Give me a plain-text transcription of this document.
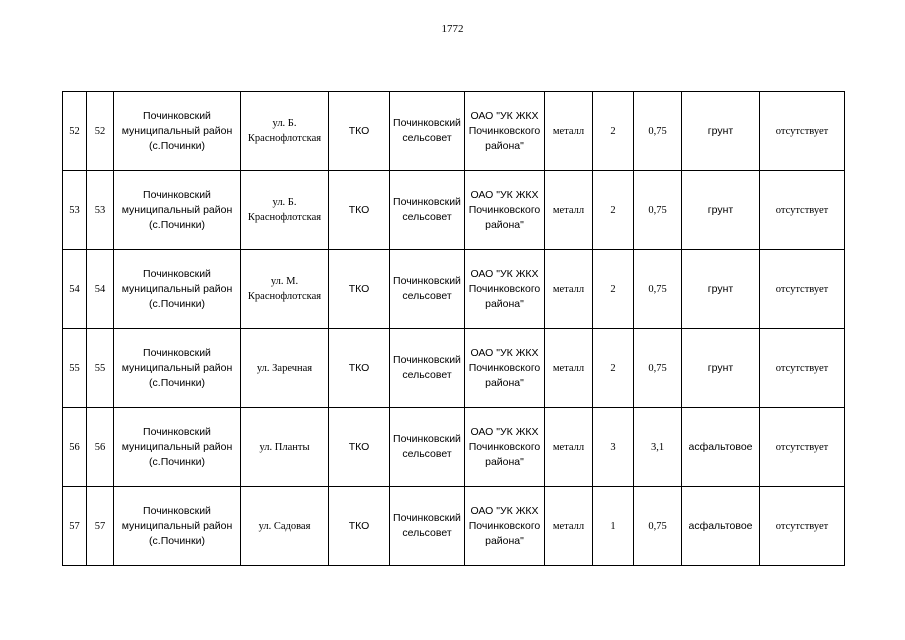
1772
52	52	Починковский муниципальный район (с.Починки)	ул. Б. Краснофлотская	ТКО	Починковский сельсовет	ОАО "УК ЖКХ Починковского района"	металл	2	0,75	грунт	отсутствует
53	53	Починковский муниципальный район (с.Починки)	ул. Б. Краснофлотская	ТКО	Починковский сельсовет	ОАО "УК ЖКХ Починковского района"	металл	2	0,75	грунт	отсутствует
54	54	Починковский муниципальный район (с.Починки)	ул. М. Краснофлотская	ТКО	Починковский сельсовет	ОАО "УК ЖКХ Починковского района"	металл	2	0,75	грунт	отсутствует
55	55	Починковский муниципальный район (с.Починки)	ул. Заречная	ТКО	Починковский сельсовет	ОАО "УК ЖКХ Починковского района"	металл	2	0,75	грунт	отсутствует
56	56	Починковский муниципальный район (с.Починки)	ул. Планты	ТКО	Починковский сельсовет	ОАО "УК ЖКХ Починковского района"	металл	3	3,1	асфальтовое	отсутствует
57	57	Починковский муниципальный район (с.Починки)	ул. Садовая	ТКО	Починковский сельсовет	ОАО "УК ЖКХ Починковского района"	металл	1	0,75	асфальтовое	отсутствует
